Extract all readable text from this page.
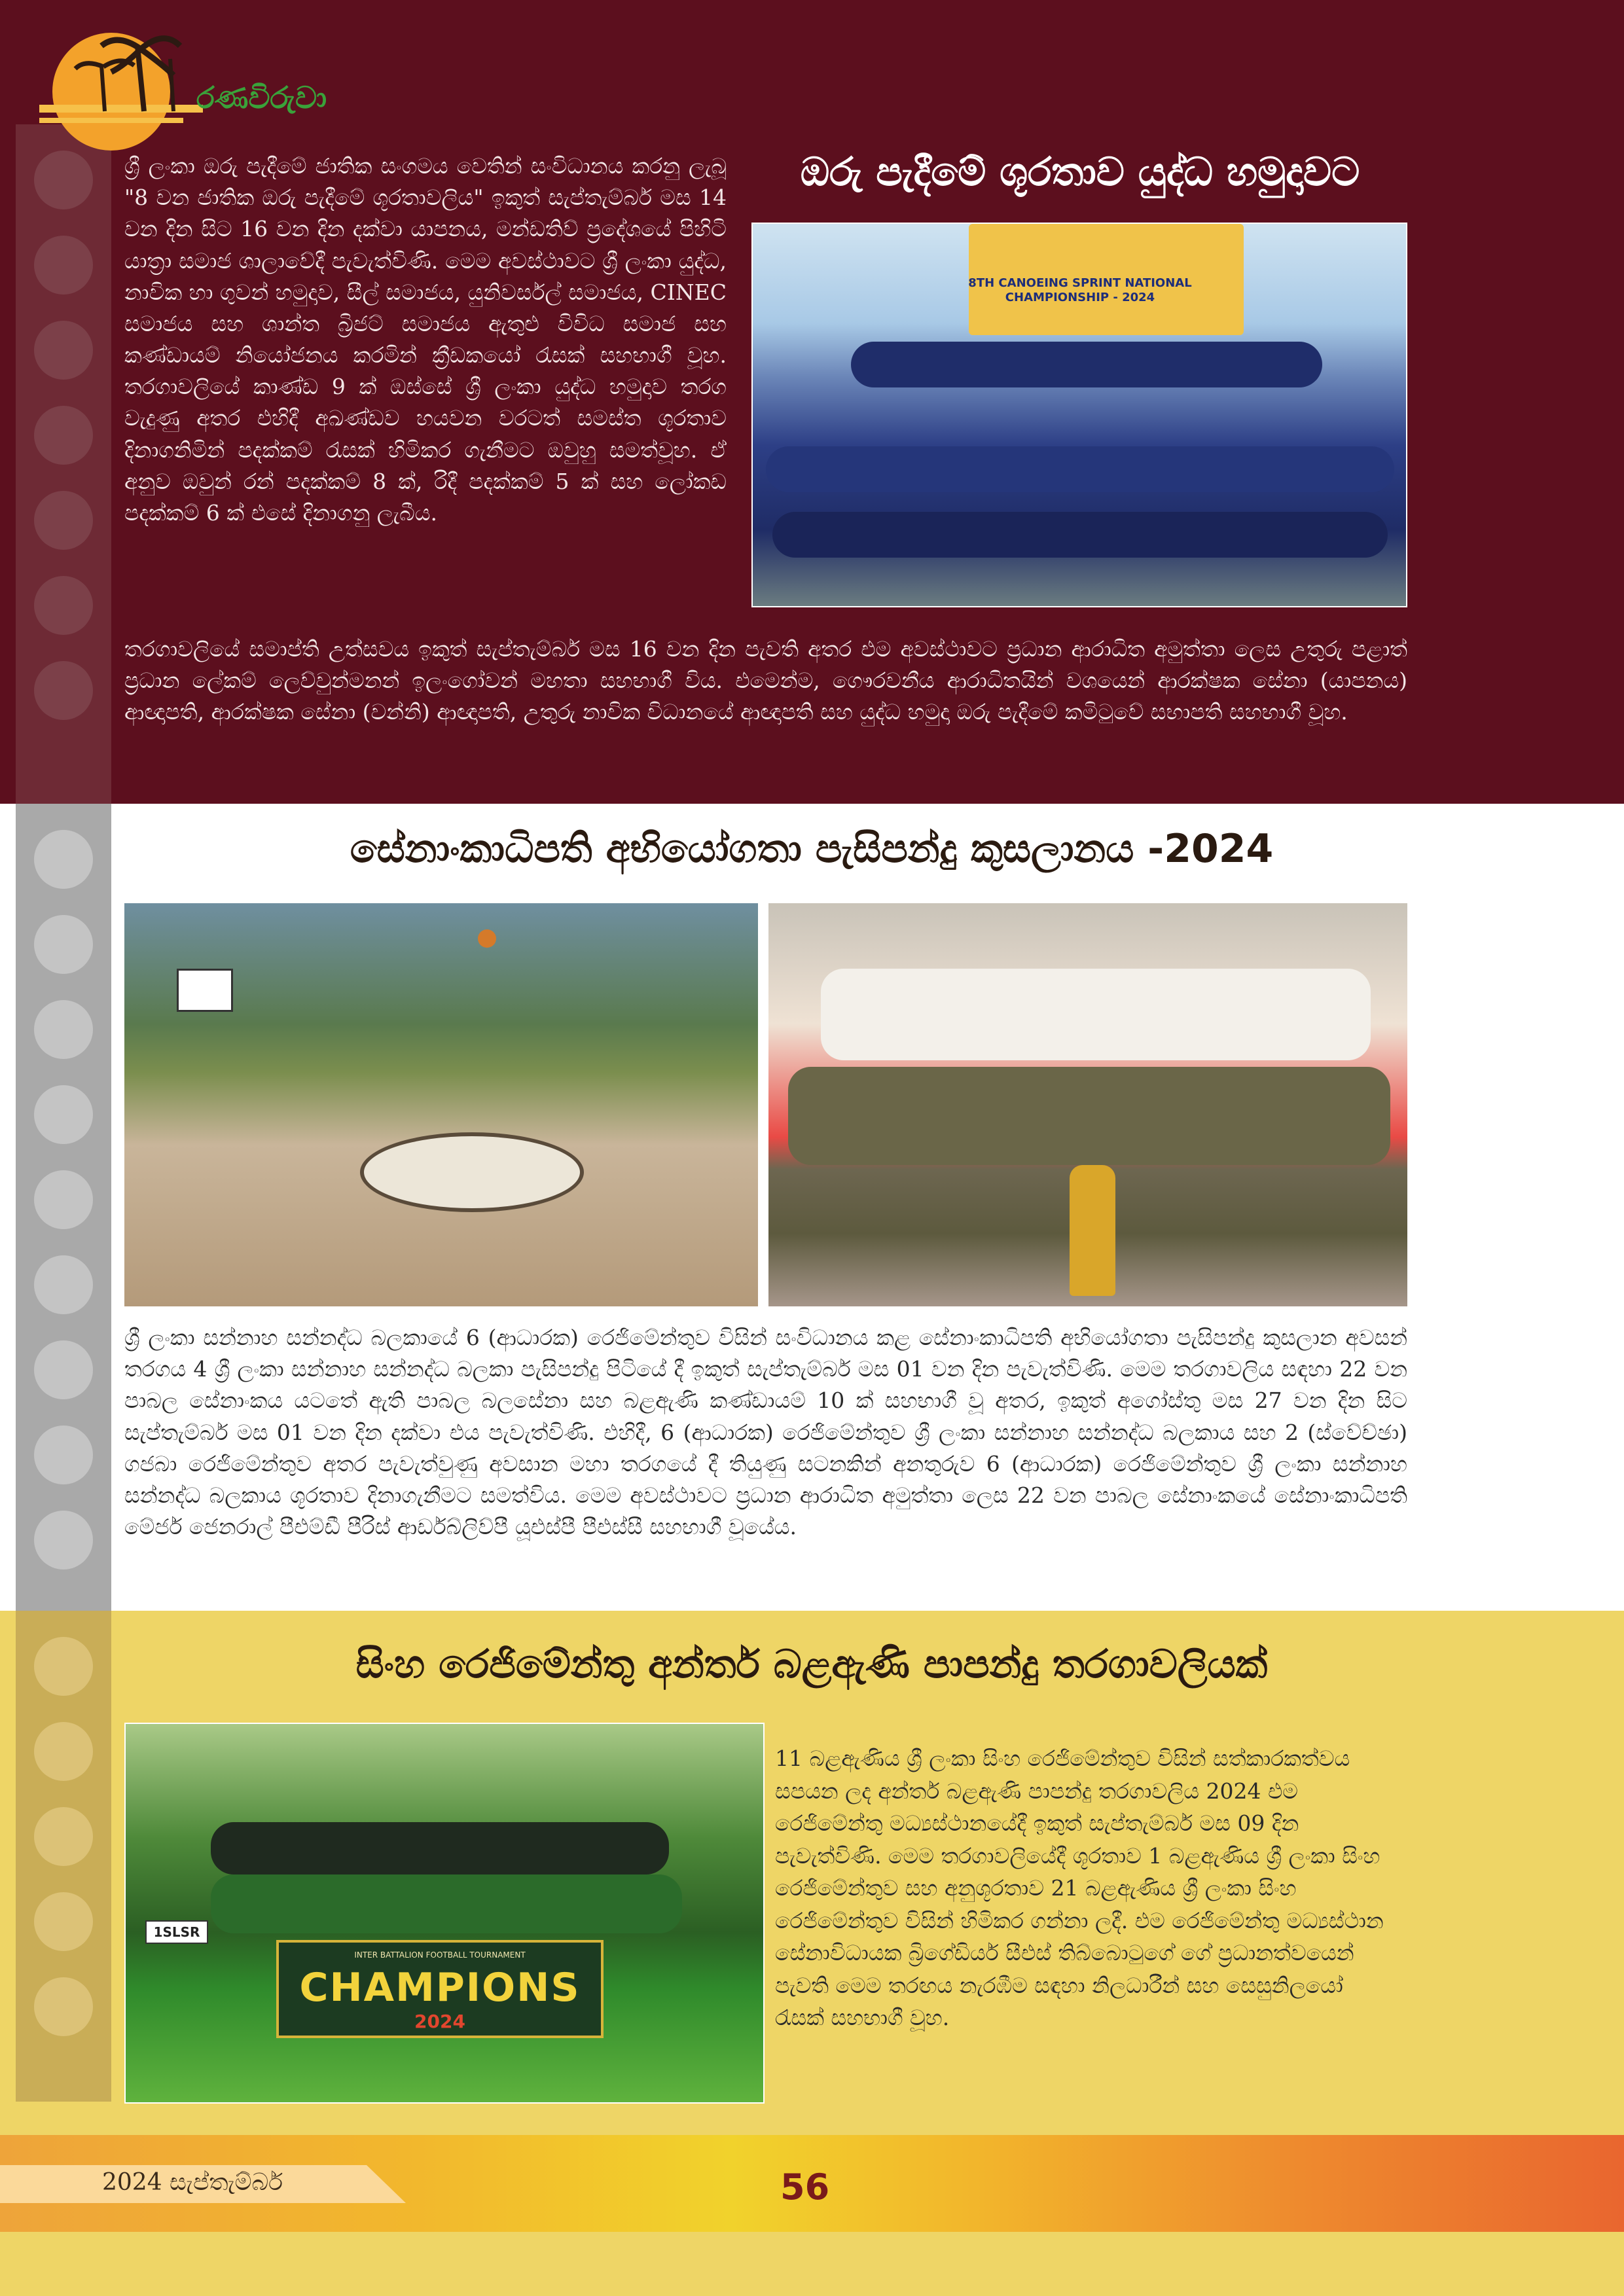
රණවිරුවා
ඔරු පැදීමේ ශූරතාව යුද්ධ හමුදාවට
ශ්‍රී ලංකා ඔරු පැදීමේ ජාතික සංගමය වෙතින් සංවිධානය කරනු ලැබූ "8 වන ජාතික ඔරු පැදීමේ ශූරතාවලිය" ඉකුත් සැප්තැම්බර් මස 14 වන දින සිට 16 වන දින දක්වා යාපනය, මන්ඩතිව් ප්‍රදේශයේ පිහිටි යාත්‍රා සමාජ ශාලාවේදී පැවැත්විණි. මෙම අවස්ථාවට ශ්‍රී ලංකා යුද්ධ, නාවික හා ගුවන් හමුදාව, සීල් සමාජය, යුනිවර්සල් සමාජය, CINEC සමාජය සහ ශාන්ත බ්‍රිජට් සමාජය ඇතුළු විවිධ සමාජ සහ කණ්ඩායම් නියෝජනය කරමින් ක්‍රීඩකයෝ රැසක් සහභාගී වූහ. තරගාවලියේ කාණ්ඩ 9 ක් ඔස්සේ ශ්‍රී ලංකා යුද්ධ හමුදාව තරග වැදුණු අතර එහිදී අඛණ්ඩව හයවන වරටත් සමස්ත ශූරතාව දිනාගනිමින් පදක්කම් රැසක් හිමිකර ගැනීමට ඔවුහු සමත්වූහ. ඒ අනුව ඔවුන් රන් පදක්කම් 8 ක්, රිදී පදක්කම් 5 ක් සහ ලෝකඩ පදක්කම් 6 ක් එසේ දිනාගනු ලැබීය.
8TH CANOEING SPRINT NATIONAL CHAMPIONSHIP - 2024
තරගාවලියේ සමාප්ති උත්සවය ඉකුත් සැප්තැම්බර් මස 16 වන දින පැවති අතර එම අවස්ථාවට ප්‍රධාන ආරාධිත අමුත්තා ලෙස උතුරු පළාත් ප්‍රධාන ලේකම් ලෙව්වුන්මනන් ඉලංගෝවන් මහතා සහභාගී විය. එමෙන්ම, ගෞරවනීය ආරාධිතයින් වශයෙන් ආරක්ෂක සේනා (යාපනය) ආඥාපති, ආරක්ෂක සේනා (වන්නි) ආඥාපති, උතුරු නාවික විධානයේ ආඥාපති සහ යුද්ධ හමුදා ඔරු පැදීමේ කමිටුවේ සභාපති සහභාගී වූහ.
සේනාංකාධිපති අභියෝගතා පැසිපන්දු කුසලානය -2024
ශ්‍රී ලංකා සන්නාහ සන්නද්ධ බලකායේ 6 (ආධාරක) රෙජිමේන්තුව විසින් සංවිධානය කළ සේනාංකාධිපති අභියෝගතා පැසිපන්දු කුසලාන අවසන් තරගය 4 ශ්‍රී ලංකා සන්නාහ සන්නද්ධ බලකා පැසිපන්දු පිටියේ දී ඉකුත් සැප්තැම්බර් මස 01 වන දින පැවැත්විණි. මෙම තරගාවලිය සඳහා 22 වන පාබල සේනාංකය යටතේ ඇති පාබල බලසේනා සහ බළඇණි කණ්ඩායම් 10 ක් සහභාගී වූ අතර, ඉකුත් අගෝස්තු මස 27 වන දින සිට සැප්තැම්බර් මස 01 වන දින දක්වා එය පැවැත්විණි. එහිදී, 6 (ආධාරක) රෙජිමේන්තුව ශ්‍රී ලංකා සන්නාහ සන්නද්ධ බලකාය සහ 2 (ස්වේච්ඡා) ගජබා රෙජිමේන්තුව අතර පැවැත්වුණු අවසාන මහා තරගයේ දී තියුණු සටනකින් අනතුරුව 6 (ආධාරක) රෙජිමේන්තුව ශ්‍රී ලංකා සන්නාහ සන්නද්ධ බලකාය ශූරතාව දිනාගැනීමට සමත්විය. මෙම අවස්ථාවට ප්‍රධාන ආරාධිත අමුත්තා ලෙස 22 වන පාබල සේනාංකයේ සේනාංකාධිපති මේජර් ජෙනරාල් පීඑම්ඩී පීරිස් ආර්ඩබ්ලිව්පී යූඑස්පී පීඑස්සී සහභාගී වූයේය.
සිංහ රෙජිමේන්තු අන්තර් බළඇණි පාපන්දු තරගාවලියක්
1SLSR
INTER BATTALION FOOTBALL TOURNAMENT
CHAMPIONS
2024
11 බළඇණිය ශ්‍රී ලංකා සිංහ රෙජිමේන්තුව විසින් සත්කාරකත්වය සපයන ලද අන්තර් බළඇණි පාපන්දු තරගාවලිය 2024 එම රෙජිමේන්තු මධ්‍යස්ථානයේදී ඉකුත් සැප්තැම්බර් මස 09 දින පැවැත්විණි. මෙම තරගාවලියේදී ශූරතාව 1 බළඇණිය ශ්‍රී ලංකා සිංහ රෙජිමේන්තුව සහ අනුශූරතාව 21 බළඇණිය ශ්‍රී ලංකා සිංහ රෙජිමේන්තුව විසින් හිමිකර ගන්නා ලදී. එම රෙජිමේන්තු මධ්‍යස්ථාන සේනාවිධායක බ්‍රිගේඩියර් සීඑස් තිබ්බොටුගේ ගේ ප්‍රධානත්වයෙන් පැවති මෙම තරඟය නැරඹීම සඳහා නිලධාරීන් සහ සෙසුනිලයෝ රැසක් සහභාගී වූහ.
2024 සැප්තැම්බර්	56
